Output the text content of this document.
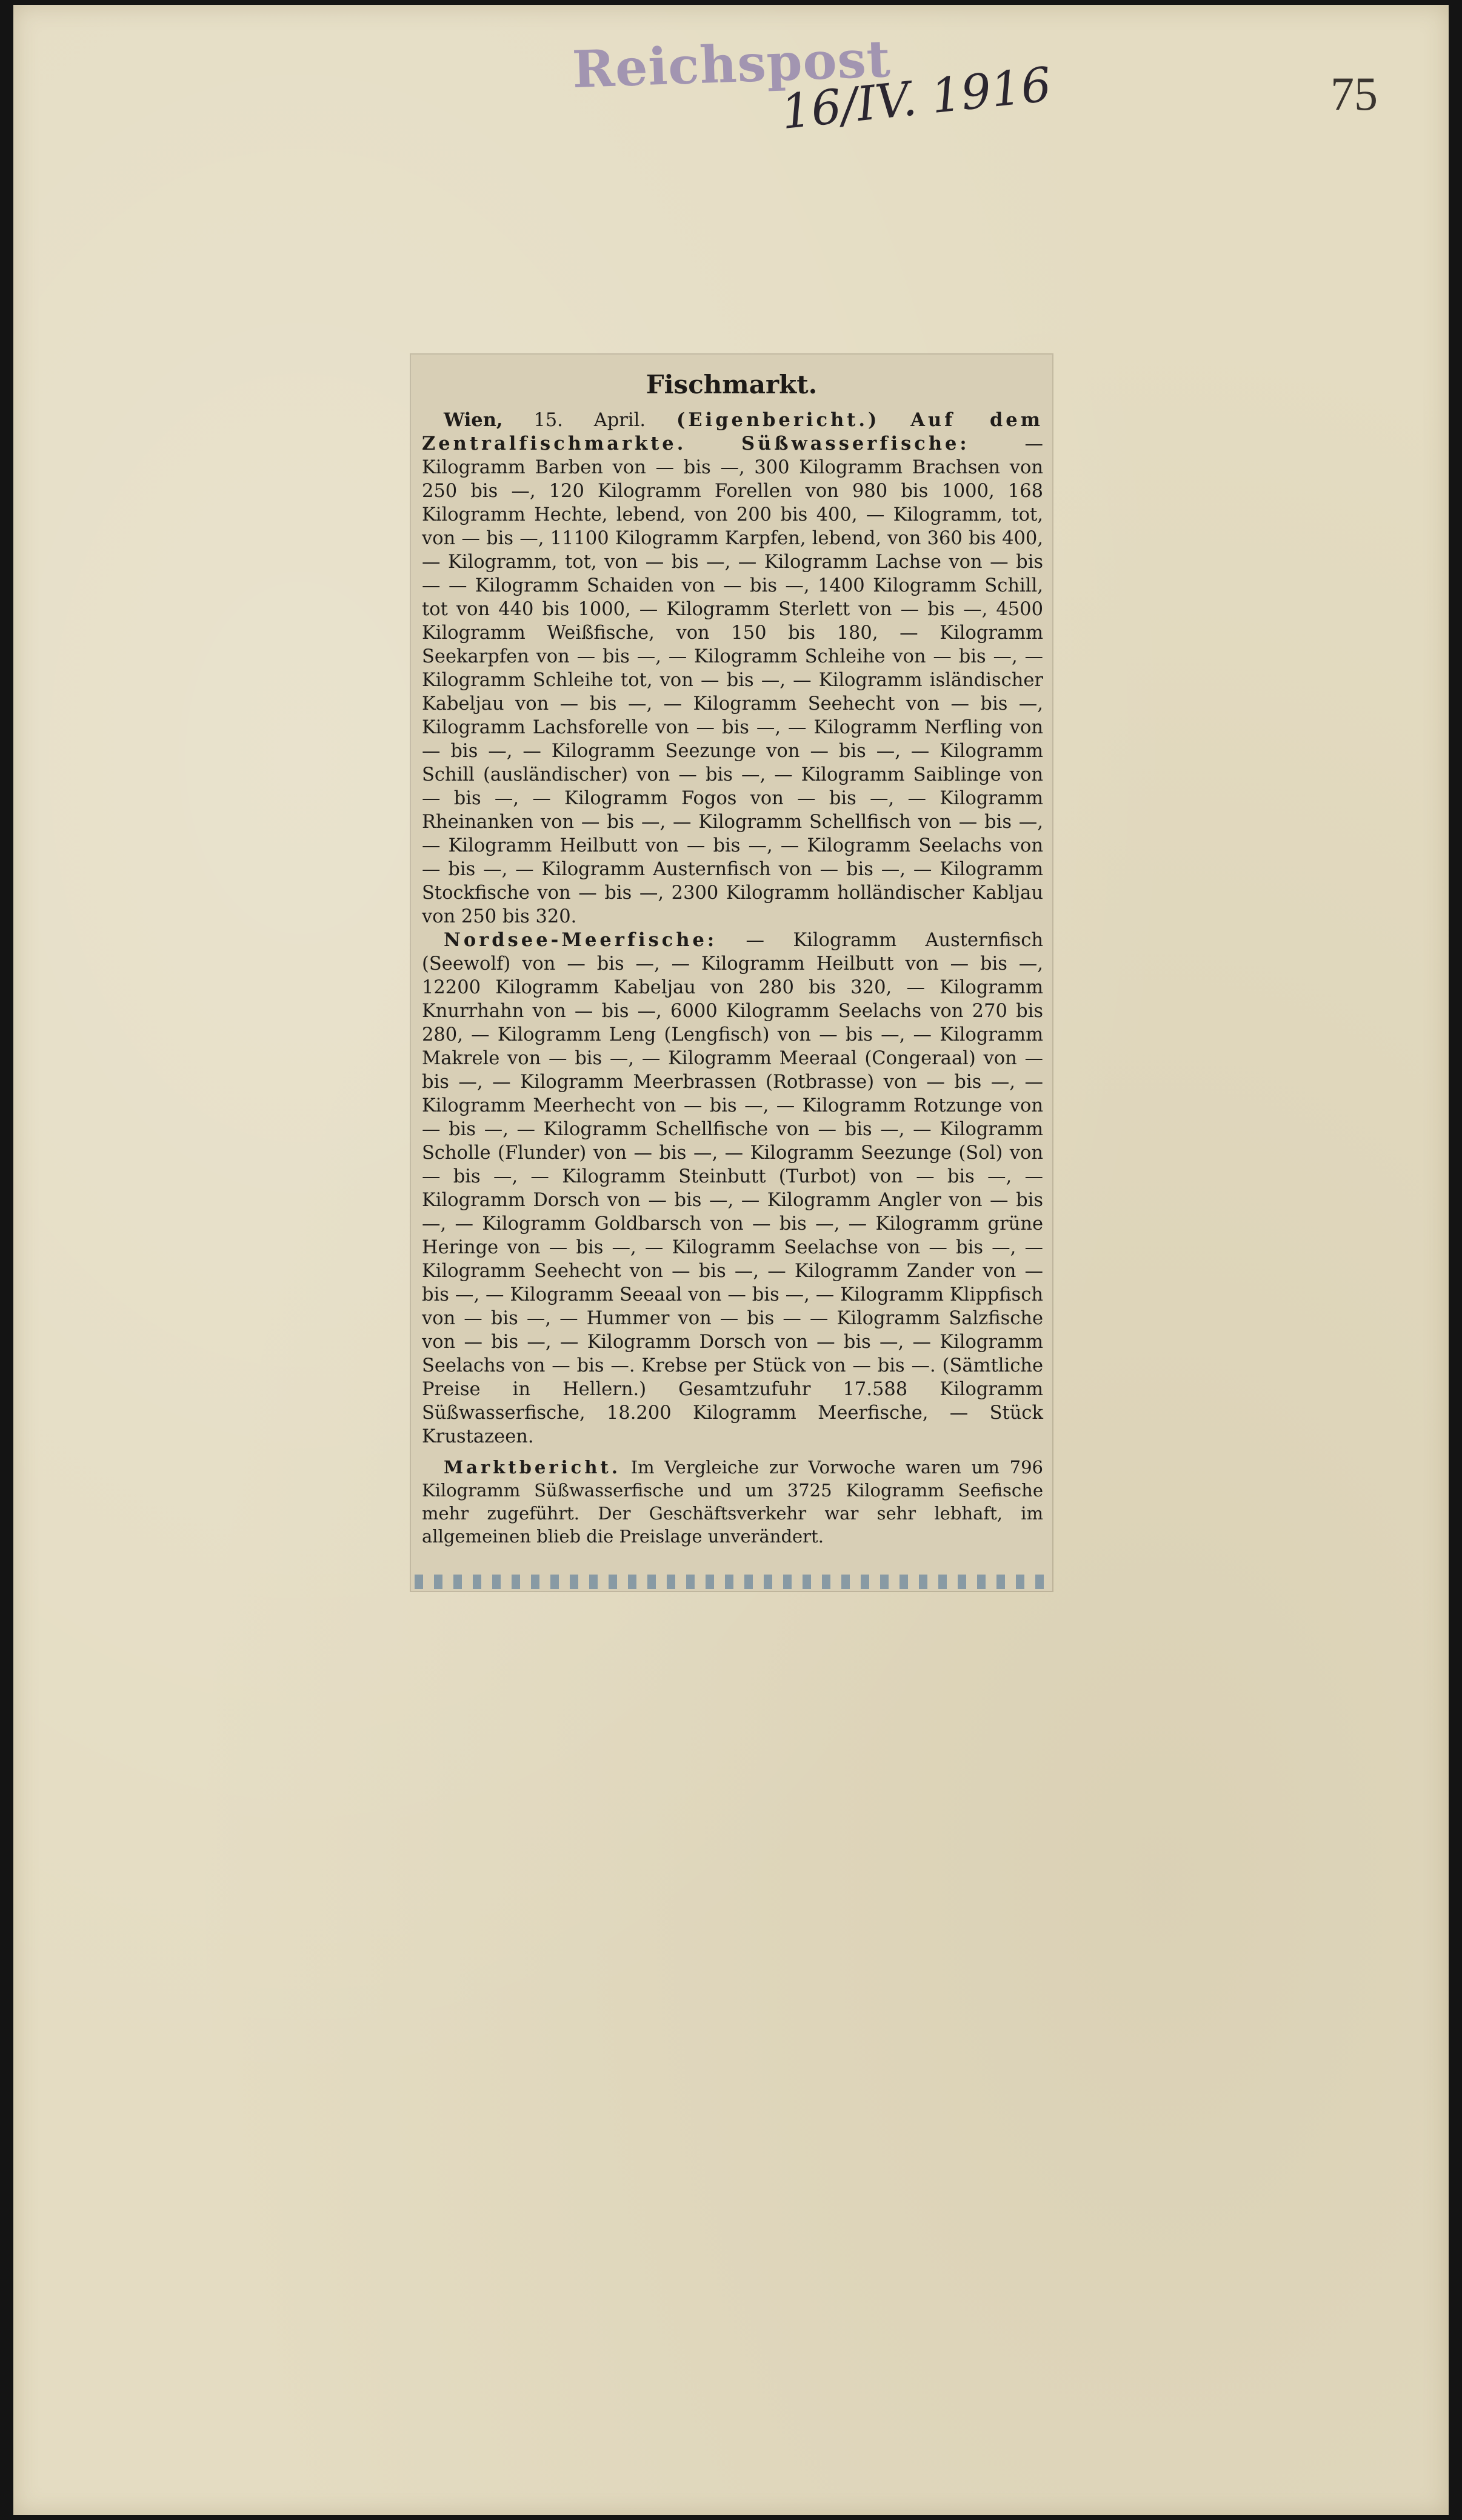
Reichspost
16/IV. 1916	75
Fischmarkt.

Wien, 15. April. (Eigenbericht.) Auf dem Zentralfischmarkte.	Süßwasserfische:	— Kilogramm Barben von — bis —, 300 Kilogramm Brachsen von 250 bis —, 120 Kilogramm Forellen von 980 bis 1000, 168 Kilogramm Hechte, lebend, von 200 bis 400, — Kilogramm, tot, von — bis —, 11100 Kilogramm Karpfen, lebend, von 360 bis 400, — Kilogramm, tot, von — bis —, — Kilogramm Lachse von — bis — — Kilogramm Schaiden von — bis —, 1400 Kilogramm Schill, tot von 440 bis 1000, — Kilogramm Sterlett von — bis —, 4500 Kilogramm Weißfische, von 150 bis 180, — Kilogramm Seekarpfen von — bis —, — Kilogramm Schleihe von — bis —, — Kilogramm Schleihe tot, von — bis —, — Kilogramm isländischer Kabeljau von — bis —, — Kilogramm Seehecht von — bis —, Kilogramm Lachsforelle von — bis —, — Kilogramm Nerfling von — bis —, — Kilogramm Seezunge von — bis —, — Kilogramm Schill (ausländischer) von — bis —, — Kilogramm Saiblinge von — bis —, — Kilogramm Fogos von — bis —, — Kilogramm Rheinanken von — bis —, — Kilogramm Schellfisch von — bis —, — Kilogramm Heilbutt von — bis —, — Kilogramm Seelachs von — bis —, — Kilogramm Austernfisch von — bis —, — Kilogramm Stockfische von — bis —, 2300 Kilogramm holländischer Kabljau von 250 bis 320.

Nordsee-Meerfische: — Kilogramm Austernfisch (Seewolf) von — bis —, — Kilogramm Heilbutt von — bis —, 12200 Kilogramm Kabeljau von 280 bis 320, — Kilogramm Knurrhahn von — bis —, 6000 Kilogramm Seelachs von 270 bis 280, — Kilogramm Leng (Lengfisch) von — bis —, — Kilogramm Makrele von — bis —, — Kilogramm Meeraal (Congeraal) von — bis —, — Kilogramm Meerbrassen (Rotbrasse) von — bis —, — Kilogramm Meerhecht von — bis —, — Kilogramm Rotzunge von — bis —, — Kilogramm Schellfische von — bis —, — Kilogramm Scholle (Flunder) von — bis —, — Kilogramm Seezunge (Sol) von — bis —, — Kilogramm Steinbutt (Turbot) von — bis —, — Kilogramm Dorsch von — bis —, — Kilogramm Angler von — bis —, — Kilogramm Goldbarsch von — bis —, — Kilogramm grüne Heringe von — bis —, — Kilogramm Seelachse von — bis —, — Kilogramm Seehecht von — bis —, — Kilogramm Zander von — bis —, — Kilogramm Seeaal von — bis —, — Kilogramm Klippfisch von — bis —, — Hummer von — bis — — Kilogramm Salzfische von — bis —, — Kilogramm Dorsch von — bis —, — Kilogramm Seelachs von — bis —. Krebse per Stück von — bis —. (Sämtliche Preise in Hellern.) Gesamtzufuhr 17.588 Kilogramm Süßwasserfische, 18.200 Kilogramm Meerfische, — Stück Krustazeen.

Marktbericht. Im Vergleiche zur Vorwoche waren um 796 Kilogramm Süßwasserfische und um 3725 Kilogramm Seefische mehr zugeführt. Der Geschäftsverkehr war sehr lebhaft, im allgemeinen blieb die Preislage unverändert.
